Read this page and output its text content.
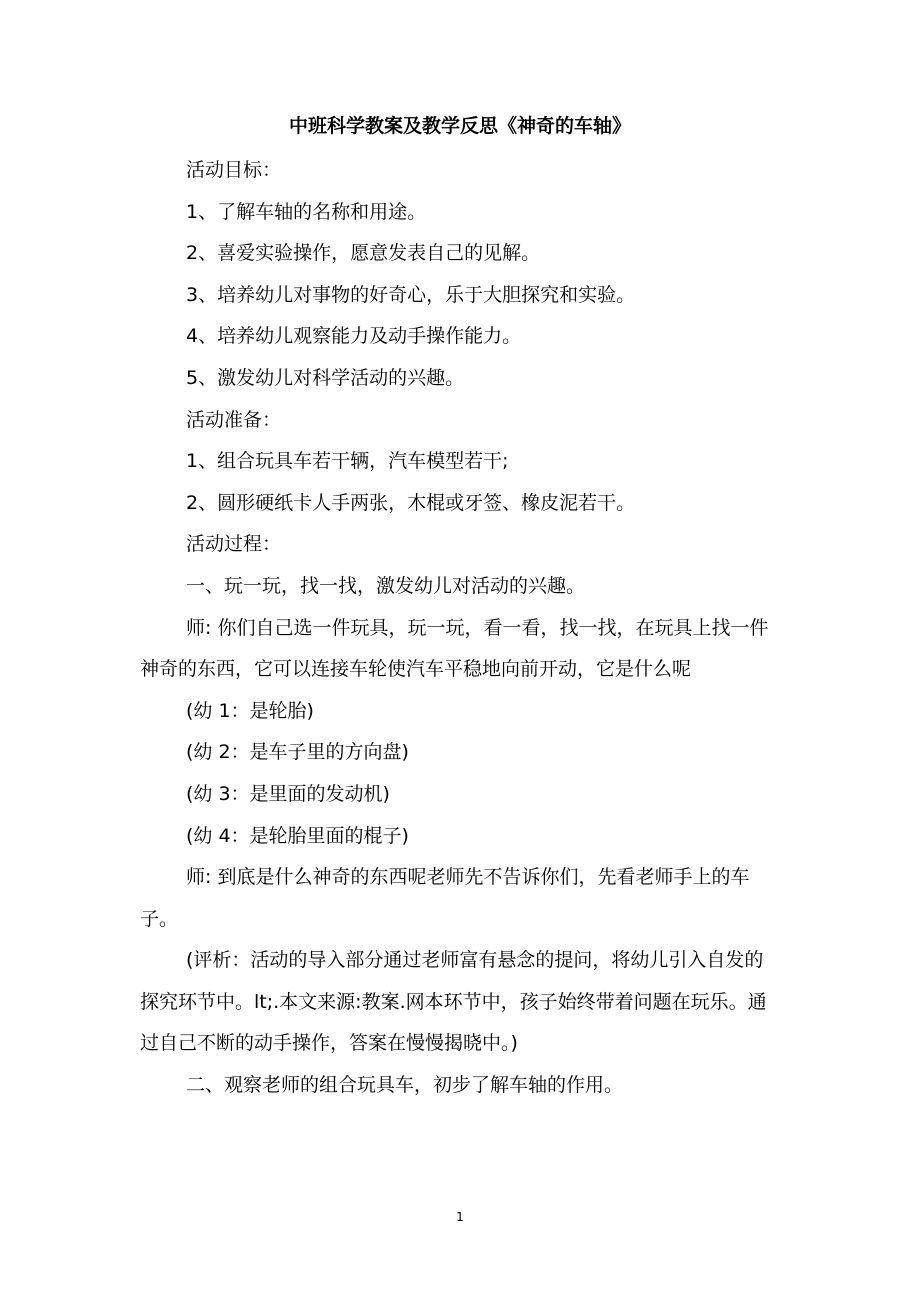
中班科学教案及教学反思《神奇的车轴》

活动目标：

1、了解车轴的名称和用途。

2、喜爱实验操作，愿意发表自己的见解。

3、培养幼儿对事物的好奇心，乐于大胆探究和实验。

4、培养幼儿观察能力及动手操作能力。

5、激发幼儿对科学活动的兴趣。

活动准备：

1、组合玩具车若干辆，汽车模型若干;

2、圆形硬纸卡人手两张，木棍或牙签、橡皮泥若干。

活动过程：

一、玩一玩，找一找，激发幼儿对活动的兴趣。

师: 你们自己选一件玩具，玩一玩，看一看，找一找，在玩具上找一件神奇的东西，它可以连接车轮使汽车平稳地向前开动，它是什么呢

(幼 1：是轮胎)

(幼 2：是车子里的方向盘)

(幼 3：是里面的发动机)

(幼 4：是轮胎里面的棍子)

师: 到底是什么神奇的东西呢老师先不告诉你们，先看老师手上的车子。

(评析：活动的导入部分通过老师富有悬念的提问，将幼儿引入自发的探究环节中。lt;.本文来源:教案.网本环节中，孩子始终带着问题在玩乐。通过自己不断的动手操作，答案在慢慢揭晓中。)

二、观察老师的组合玩具车，初步了解车轴的作用。

1
